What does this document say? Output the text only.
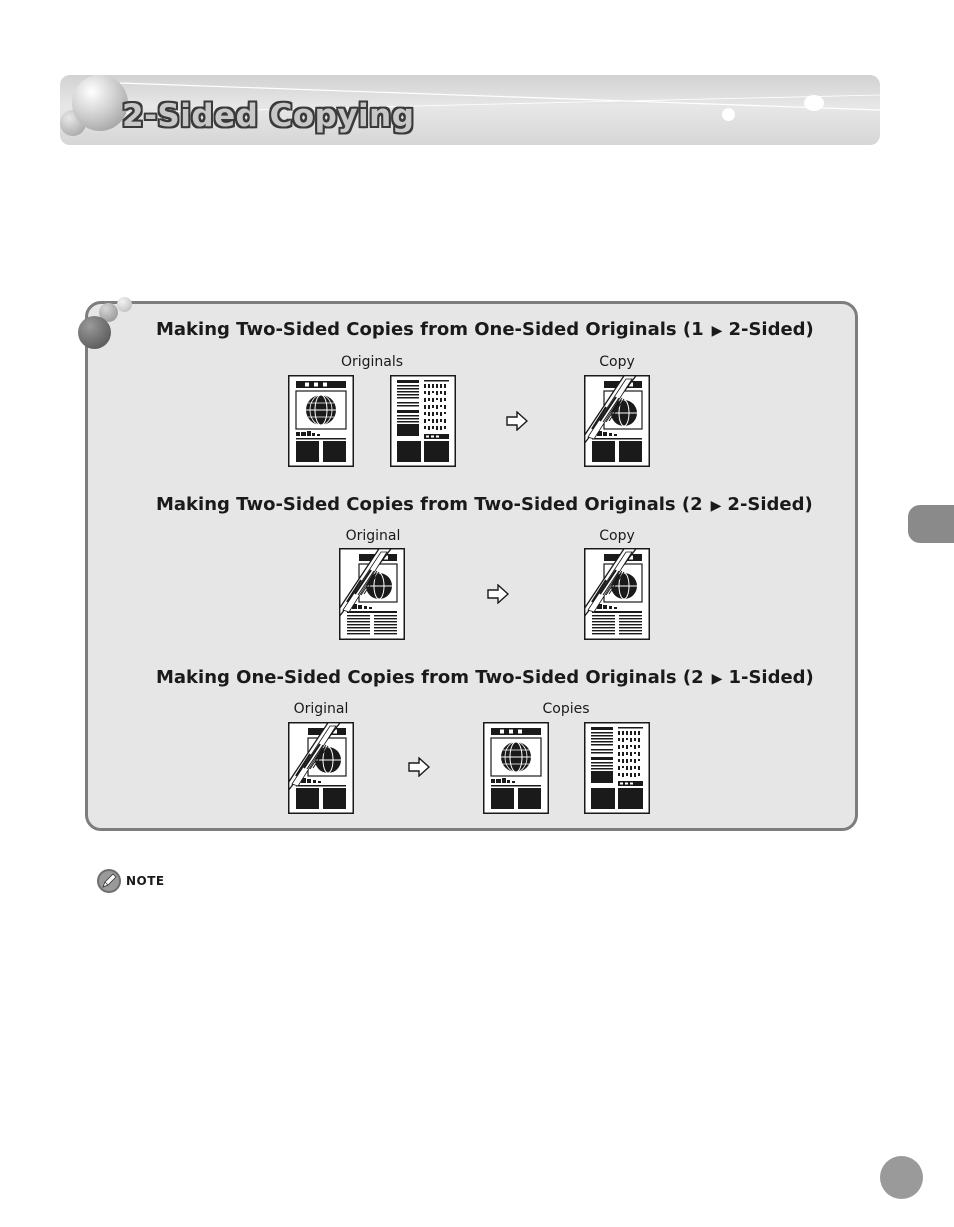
2-Sided Copying
Making Two-Sided Copies from One-Sided Originals (1 ▶ 2-Sided)
Originals	Copy
Making Two-Sided Copies from Two-Sided Originals (2 ▶ 2-Sided)
Original	Copy
Making One-Sided Copies from Two-Sided Originals (2 ▶ 1-Sided)
Original	Copies
NOTE
